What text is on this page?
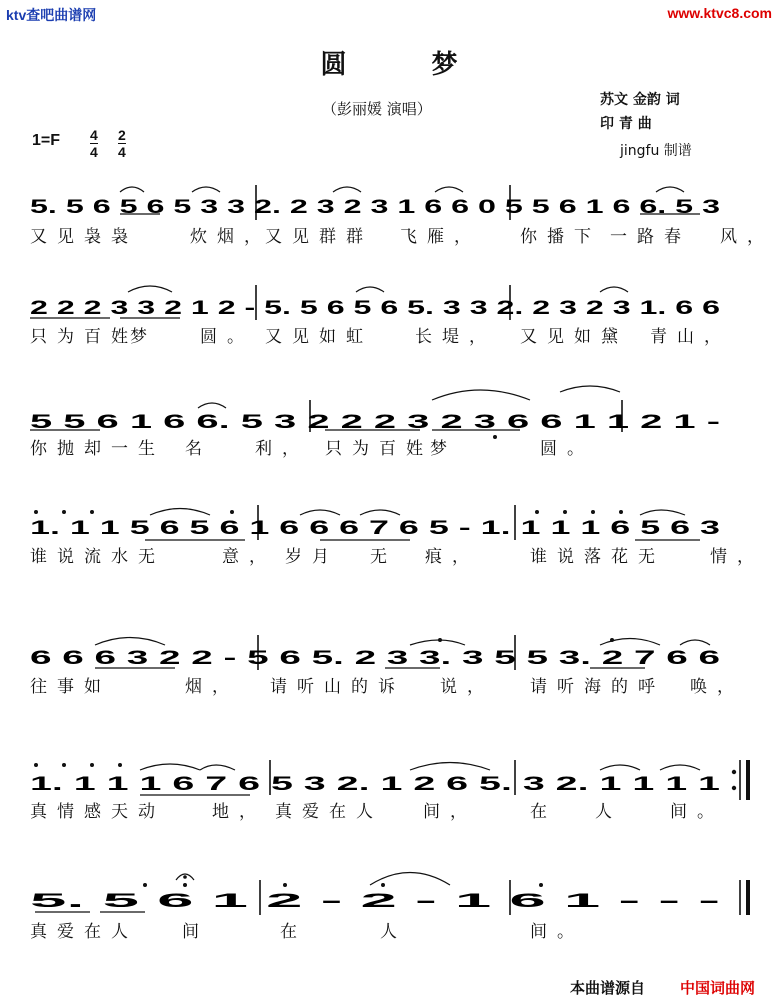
ktv查吧曲谱网	www.ktvc8.com
圆 梦
（彭丽媛 演唱）	苏文 金韵 词
印 青 曲
jingfu 制谱
1=F 4
4
2
4
5. 5 6 5 6 5 3 3 2. 2 3 2 3 1 6 6 0 5 5 6 1 6 6. 5 3
2 2 2 3 3 2 1 2 - 5. 5 6 5 6 5. 3 3 2. 2 3 2 3 1. 6 6
5 5 6 1 6 6. 5 3 2 2 2 3 2 3 6 6 1 1 2 1 -
1. 1 1 5 6 5 6 1 6 6 6 7 6 5 - 1. 1 1 1 6 5 6 3
6 6 6 3 2 2 - 5 6 5. 2 3 3. 3 5 5 3. 2 7 6 6
1. 1 1 1 6 7 6 5 3 2. 1 2 6 5. 3 2. 1 1 1 1
5. 5 6 1 2 - 2 - 1 6 1 - - -
又见袅袅	炊烟，
又见群群 飞雁， 你播下 一路春 风，
只为百姓
梦	圆。 又见如虹 长堤， 又见如黛 青山，
你抛却一生 名	利， 只为百姓
梦	圆。
谁说流水无	意， 岁月 无 痕，	谁说落花无	情，
往事如	烟， 请听山的诉 说， 请听海的呼 唤，
真情感天动	地， 真爱在人 间，	在 人	间。
真爱在人	间	在	人	间。
本曲谱源自 中国词曲网
